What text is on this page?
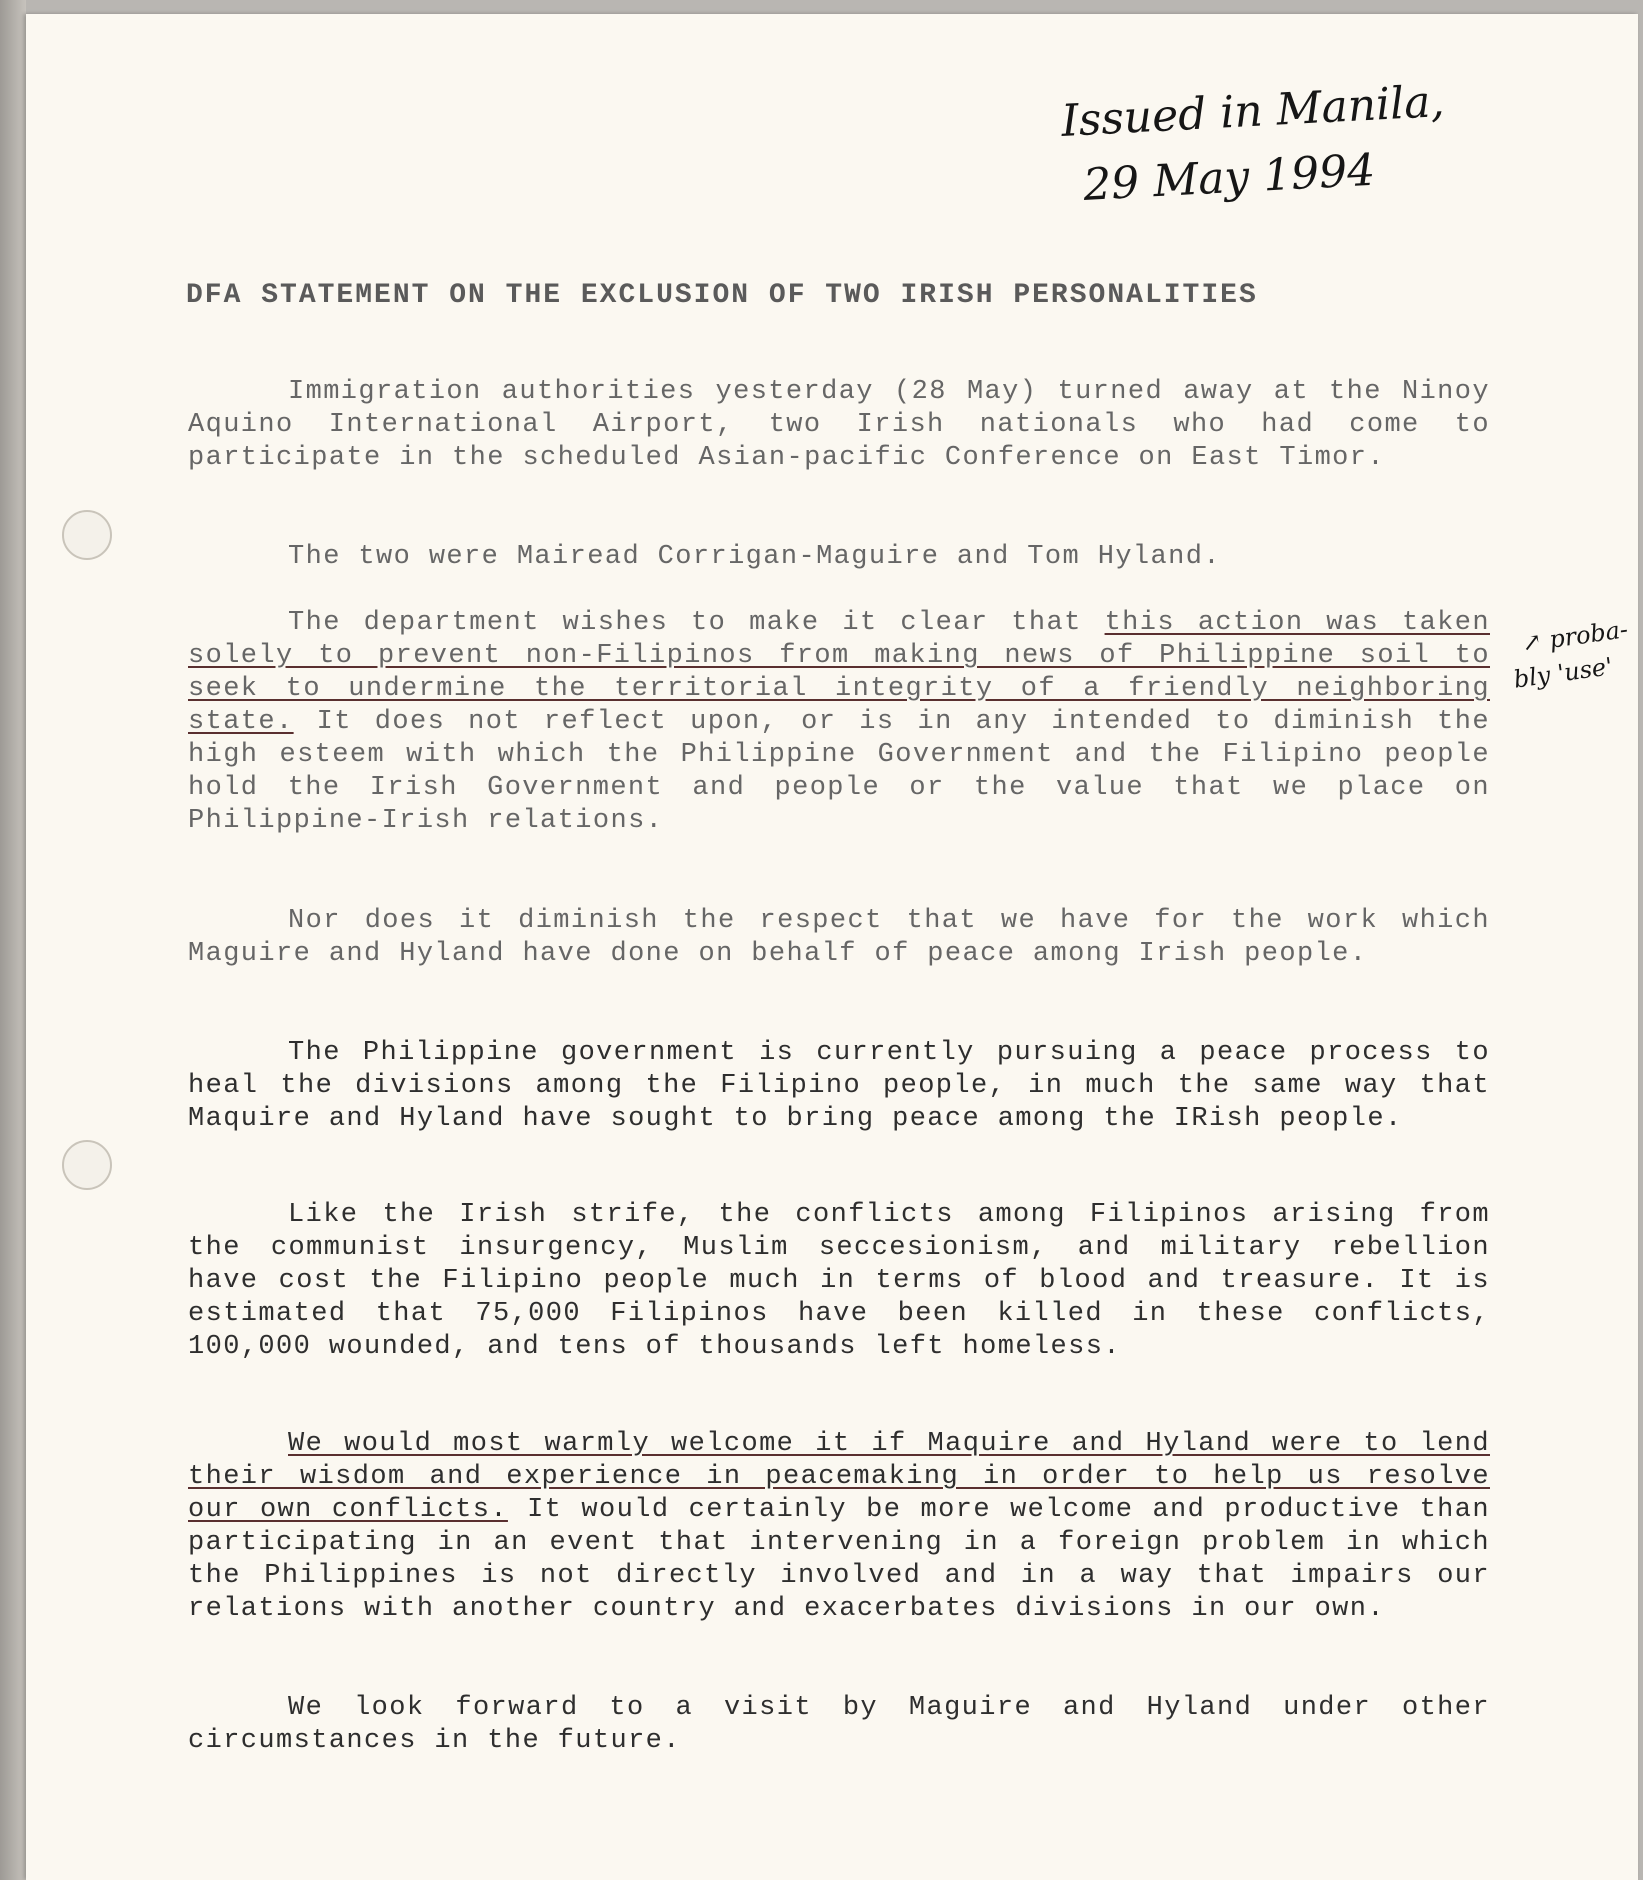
Issued in Manila,
29 May 1994
↗ proba-
bly 'use'
DFA STATEMENT ON THE EXCLUSION OF TWO IRISH PERSONALITIES

Immigration authorities yesterday (28 May) turned away at the Ninoy Aquino International Airport, two Irish nationals who had come to participate in the scheduled Asian-pacific Conference on East Timor.

The two were Mairead Corrigan-Maguire and Tom Hyland.

The department wishes to make it clear that this action was taken solely to prevent non-Filipinos from making news of Philippine soil to seek to undermine the territorial integrity of a friendly neighboring state. It does not reflect upon, or is in any intended to diminish the high esteem with which the Philippine Government and the Filipino people hold the Irish Government and people or the value that we place on Philippine-Irish relations.

Nor does it diminish the respect that we have for the work which Maguire and Hyland have done on behalf of peace among Irish people.

The Philippine government is currently pursuing a peace process to heal the divisions among the Filipino people, in much the same way that Maquire and Hyland have sought to bring peace among the IRish people.

Like the Irish strife, the conflicts among Filipinos arising from the communist insurgency, Muslim seccesionism, and military rebellion have cost the Filipino people much in terms of blood and treasure. It is estimated that 75,000 Filipinos have been killed in these conflicts, 100,000 wounded, and tens of thousands left homeless.

We would most warmly welcome it if Maquire and Hyland were to lend their wisdom and experience in peacemaking in order to help us resolve our own conflicts. It would certainly be more welcome and productive than participating in an event that intervening in a foreign problem in which the Philippines is not directly involved and in a way that impairs our relations with another country and exacerbates divisions in our own.

We look forward to a visit by Maguire and Hyland under other circumstances in the future.
